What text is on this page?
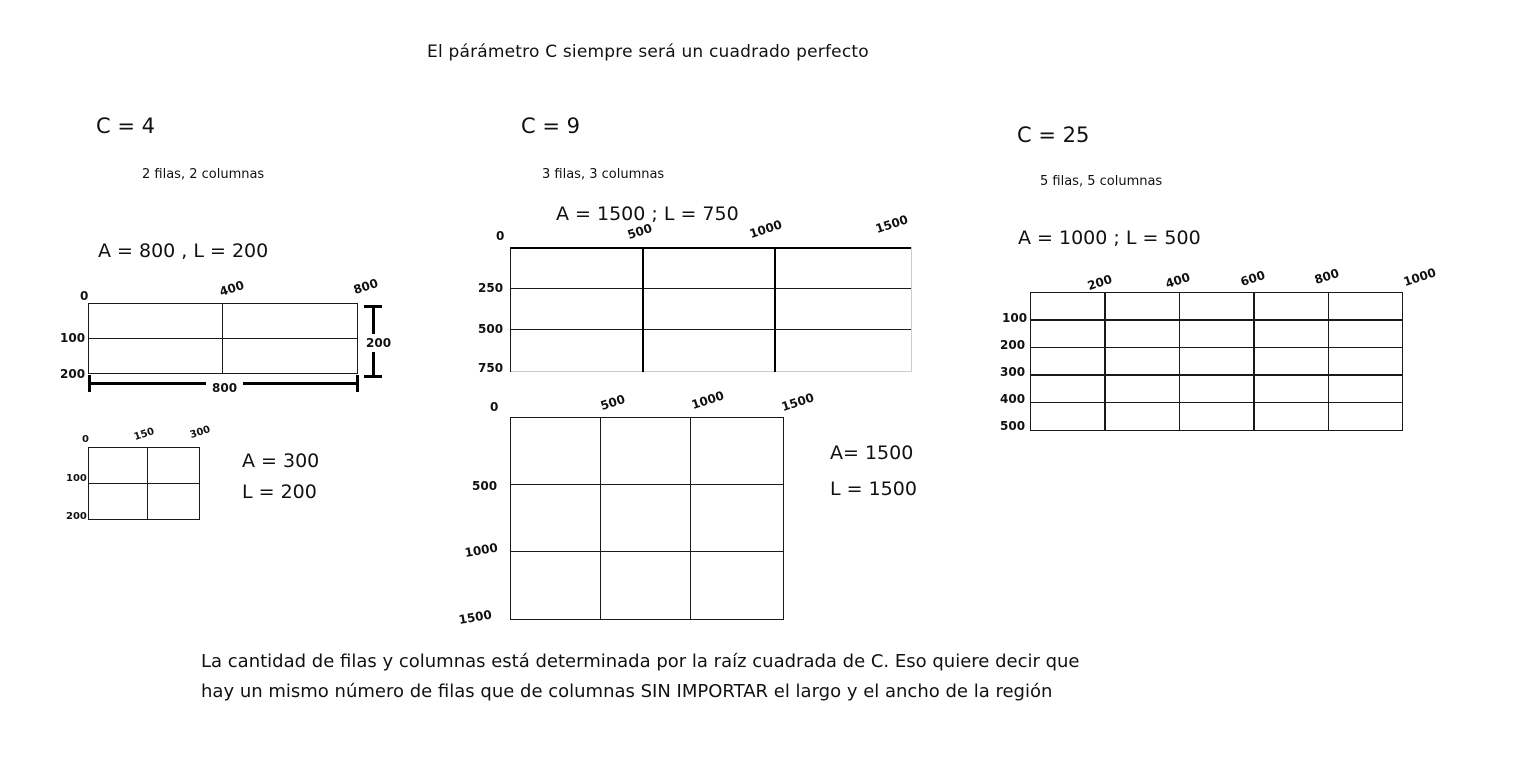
El párámetro C siempre será un cuadrado perfecto
C = 4
2 filas, 2 columnas
A = 800 , L = 200
0	400	800
100
200
800
200
0	150	300
100
200
A = 300
L = 200
C = 9
3 filas, 3 columnas
A = 1500 ; L = 750
0	500	1000	1500
250
500
750
0	500	1000	1500
500
1000
1500
A= 1500
L = 1500
C = 25
5 filas, 5 columnas
A = 1000 ; L = 500
200	400	600	800	1000
100
200
300
400
500
La cantidad de filas y columnas está determinada por la raíz cuadrada de C. Eso quiere decir que
hay un mismo número de filas que de columnas SIN IMPORTAR el largo y el ancho de la región
